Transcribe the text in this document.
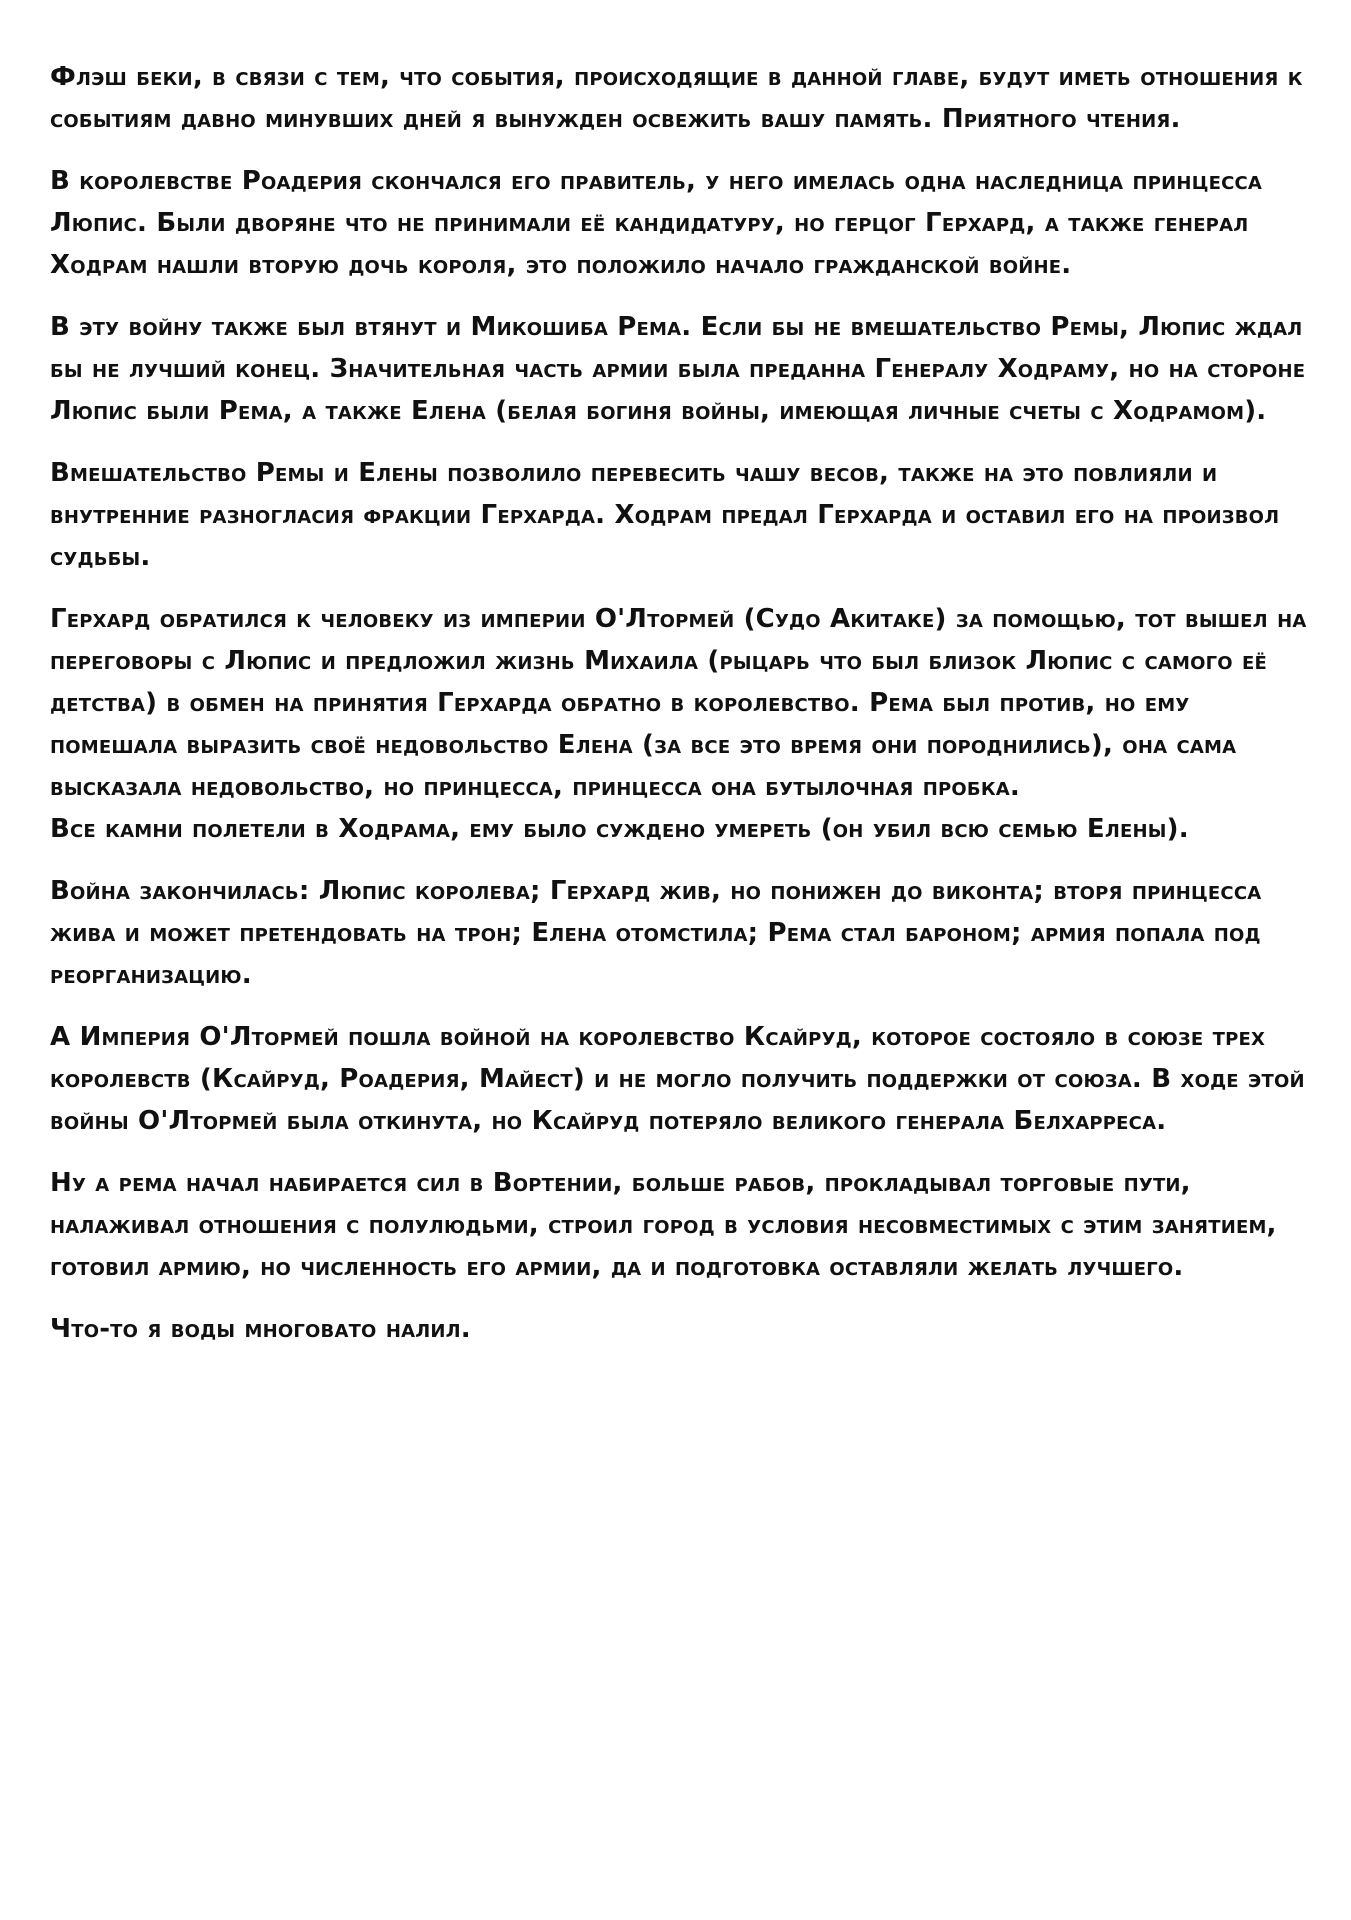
Флэш беки, в связи с тем, что события, происходящие в данной главе, будут иметь отношения к событиям давно минувших дней я вынужден освежить вашу память. Приятного чтения.

В королевстве Роадерия скончался его правитель, у него имелась одна наследница принцесса Люпис. Были дворяне что не принимали её кандидатуру, но герцог Герхард, а также генерал Ходрам нашли вторую дочь короля, это положило начало гражданской войне.

В эту войну также был втянут и Микошиба Рема. Если бы не вмешательство Ремы, Люпис ждал бы не лучший конец. Значительная часть армии была преданна Генералу Ходраму, но на стороне Люпис были Рема, а также Елена (белая богиня войны, имеющая личные счеты с Ходрамом).

Вмешательство Ремы и Елены позволило перевесить чашу весов, также на это повлияли и внутренние разногласия фракции Герхарда. Ходрам предал Герхарда и оставил его на произвол судьбы.

Герхард обратился к человеку из империи О'Лтормей (Судо Акитаке) за помощью, тот вышел на переговоры с Люпис и предложил жизнь Михаила (рыцарь что был близок Люпис с самого её детства) в обмен на принятия Герхарда обратно в королевство. Рема был против, но ему помешала выразить своё недовольство Елена (за все это время они породнились), она сама высказала недовольство, но принцесса, принцесса она бутылочная пробка.

Все камни полетели в Ходрама, ему было суждено умереть (он убил всю семью Елены).

Война закончилась: Люпис королева; Герхард жив, но понижен до виконта; вторя принцесса жива и может претендовать на трон; Елена отомстила; Рема стал бароном; армия попала под реорганизацию.

А Империя О'Лтормей пошла войной на королевство Ксайруд, которое состояло в союзе трех королевств (Ксайруд, Роадерия, Майест) и не могло получить поддержки от союза. В ходе этой войны О'Лтормей была откинута, но Ксайруд потеряло великого генерала Белхарреса.

Ну а рема начал набирается сил в Вортении, больше рабов, прокладывал торговые пути, налаживал отношения с полулюдьми, строил город в условия несовместимых с этим занятием, готовил армию, но численность его армии, да и подготовка оставляли желать лучшего.

Что-то я воды многовато налил.
